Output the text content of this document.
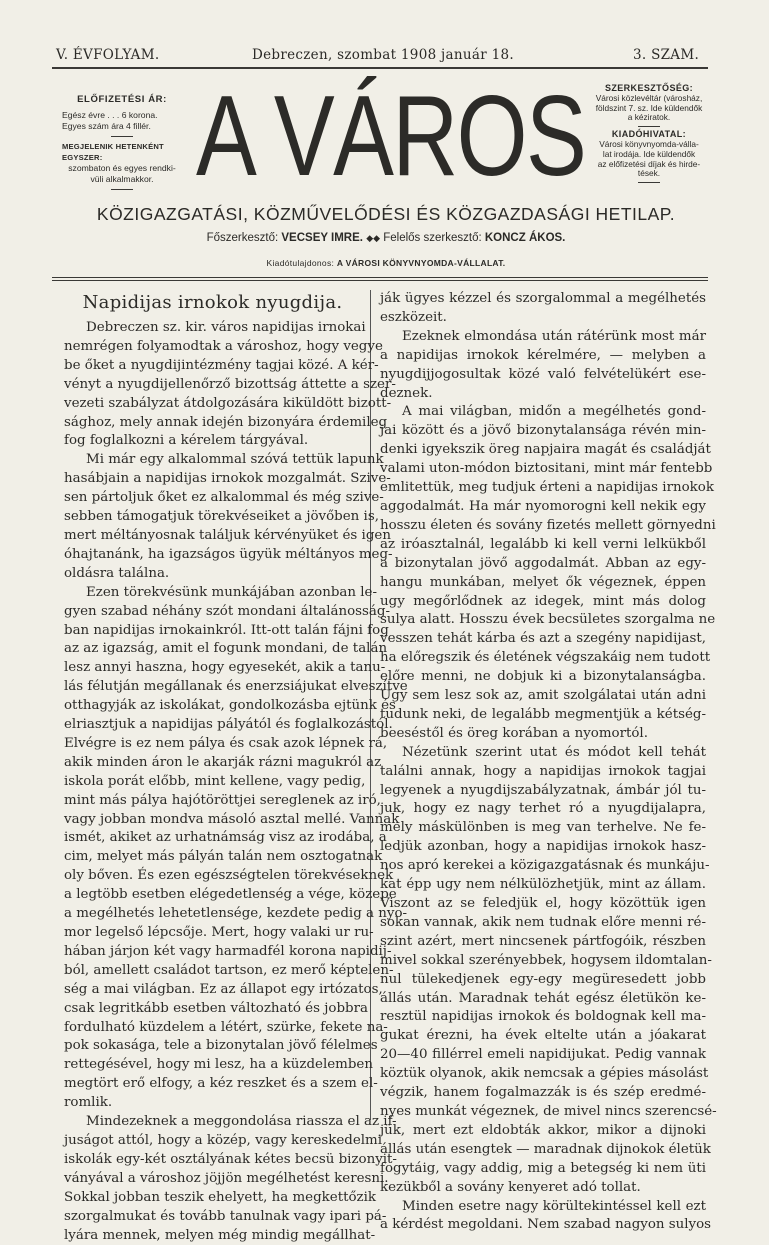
V. ÉVFOLYAM.	Debreczen, szombat 1908 január 18.	3. SZAM.
ELŐFIZETÉSI ÁR:
Egész évre . . . 6 korona.
Egyes szám ára 4 fillér.
MEGJELENIK HETENKÉNT EGYSZER:
szombaton és egyes rendki-
vüli alkalmakkor. A VÁROS	SZERKESZTŐSÉG:
Városi közlevéltár (városház,
földszint 7. sz. Ide küldendők
a kéziratok.
KIADÓHIVATAL:
Városi könyvnyomda-válla-
lat irodája. Ide küldendők
az előfizetési díjak és hirde-
tések.
KÖZIGAZGATÁSI, KÖZMŰVELŐDÉSI ÉS KÖZGAZDASÁGI HETILAP.
Főszerkesztő: VECSEY IMRE. ◆◆ Felelős szerkesztő: KONCZ ÁKOS.
Kiadótulajdonos: A VÁROSI KÖNYVNYOMDA-VÁLLALAT.
Napidijas irnokok nyugdija.
Debreczen sz. kir. város napidijas irnokai
nemrégen folyamodtak a városhoz, hogy vegye
be őket a nyugdijintézmény tagjai közé. A kér-
vényt a nyugdijellenőrző bizottság áttette a szer-
vezeti szabályzat átdolgozására kiküldött bizott-
sághoz, mely annak idején bizonyára érdemileg
fog foglalkozni a kérelem tárgyával.
Mi már egy alkalommal szóvá tettük lapunk
hasábjain a napidijas irnokok mozgalmát. Szive-
sen pártoljuk őket ez alkalommal és még szive-
sebben támogatjuk törekvéseiket a jövőben is,
mert méltányosnak találjuk kérvényüket és igen
óhajtanánk, ha igazságos ügyük méltányos meg-
oldásra találna.
Ezen törekvésünk munkájában azonban le-
gyen szabad néhány szót mondani általánosság-
ban napidijas irnokainkról. Itt-ott talán fájni fog
az az igazság, amit el fogunk mondani, de talán
lesz annyi haszna, hogy egyesekét, akik a tanu-
lás félutján megállanak és enerzsiájukat elveszítve
otthagyják az iskolákat, gondolkozásba ejtünk és
elriasztjuk a napidijas pályától és foglalkozástól.
Elvégre is ez nem pálya és csak azok lépnek rá,
akik minden áron le akarják rázni magukról az
iskola porát előbb, mint kellene, vagy pedig,
mint más pálya hajótöröttjei sereglenek az iró,
vagy jobban mondva másoló asztal mellé. Vannak
ismét, akiket az urhatnámság visz az irodába, a
cim, melyet más pályán talán nem osztogatnak
oly bőven. És ezen egészségtelen törekvéseknek
a legtöbb esetben elégedetlenség a vége, közepe
a megélhetés lehetetlensége, kezdete pedig a nyo-
mor legelső lépcsője. Mert, hogy valaki ur ru-
hában járjon két vagy harmadfél korona napidij-
ból, amellett családot tartson, ez merő képtelen-
ség a mai világban. Ez az állapot egy irtózatos,
csak legritkább esetben változható és jobbra
fordulható küzdelem a létért, szürke, fekete na-
pok sokasága, tele a bizonytalan jövő félelmes
rettegésével, hogy mi lesz, ha a küzdelemben
megtört erő elfogy, a kéz reszket és a szem el-
romlik.
Mindezeknek a meggondolása riassza el az if-
juságot attól, hogy a közép, vagy kereskedelmi
iskolák egy-két osztályának kétes becsü bizonyit-
ványával a városhoz jöjjön megélhetést keresni.
Sokkal jobban teszik ehelyett, ha megkettőzik
szorgalmukat és tovább tanulnak vagy ipari pá-
lyára mennek, melyen még mindig megállhat-
ják ügyes kézzel és szorgalommal a megélhetés
eszközeit.
Ezeknek elmondása után rátérünk most már
a napidijas irnokok kérelmére, — melyben a
nyugdijjogosultak közé való felvételükért ese-
deznek.
A mai világban, midőn a megélhetés gond-
jai között és a jövő bizonytalansága révén min-
denki igyekszik öreg napjaira magát és családját
valami uton-módon biztositani, mint már fentebb
emlitettük, meg tudjuk érteni a napidijas irnokok
aggodalmát. Ha már nyomorogni kell nekik egy
hosszu életen és sovány fizetés mellett görnyedni
az iróasztalnál, legalább ki kell verni lelkükből
a bizonytalan jövő aggodalmát. Abban az egy-
hangu munkában, melyet ők végeznek, éppen
ugy megőrlődnek az idegek, mint más dolog
sulya alatt. Hosszu évek becsületes szorgalma ne
vesszen tehát kárba és azt a szegény napidijast,
ha előregszik és életének végszakáig nem tudott
előre menni, ne dobjuk ki a bizonytalanságba.
Ugy sem lesz sok az, amit szolgálatai után adni
tudunk neki, de legalább megmentjük a kétség-
beeséstől és öreg korában a nyomortól.
Nézetünk szerint utat és módot kell tehát
találni annak, hogy a napidijas irnokok tagjai
legyenek a nyugdijszabályzatnak, ámbár jól tu-
juk, hogy ez nagy terhet ró a nyugdijalapra,
mely máskülönben is meg van terhelve. Ne fe-
ledjük azonban, hogy a napidijas irnokok hasz-
nos apró kerekei a közigazgatásnak és munkáju-
kat épp ugy nem nélkülözhetjük, mint az állam.
Viszont az se feledjük el, hogy közöttük igen
sokan vannak, akik nem tudnak előre menni ré-
szint azért, mert nincsenek pártfogóik, részben
mivel sokkal szerényebbek, hogysem ildomtalan-
nul tülekedjenek egy-egy megüresedett jobb
állás után. Maradnak tehát egész életükön ke-
resztül napidijas irnokok és boldognak kell ma-
gukat érezni, ha évek eltelte után a jóakarat
20—40 fillérrel emeli napidijukat. Pedig vannak
köztük olyanok, akik nemcsak a gépies másolást
végzik, hanem fogalmazzák is és szép eredmé-
nyes munkát végeznek, de mivel nincs szerencsé-
jük, mert ezt eldobták akkor, mikor a dijnoki
állás után esengtek — maradnak dijnokok életük
fogytáig, vagy addig, mig a betegség ki nem üti
kezükből a sovány kenyeret adó tollat.
Minden esetre nagy körültekintéssel kell ezt
a kérdést megoldani. Nem szabad nagyon sulyos
